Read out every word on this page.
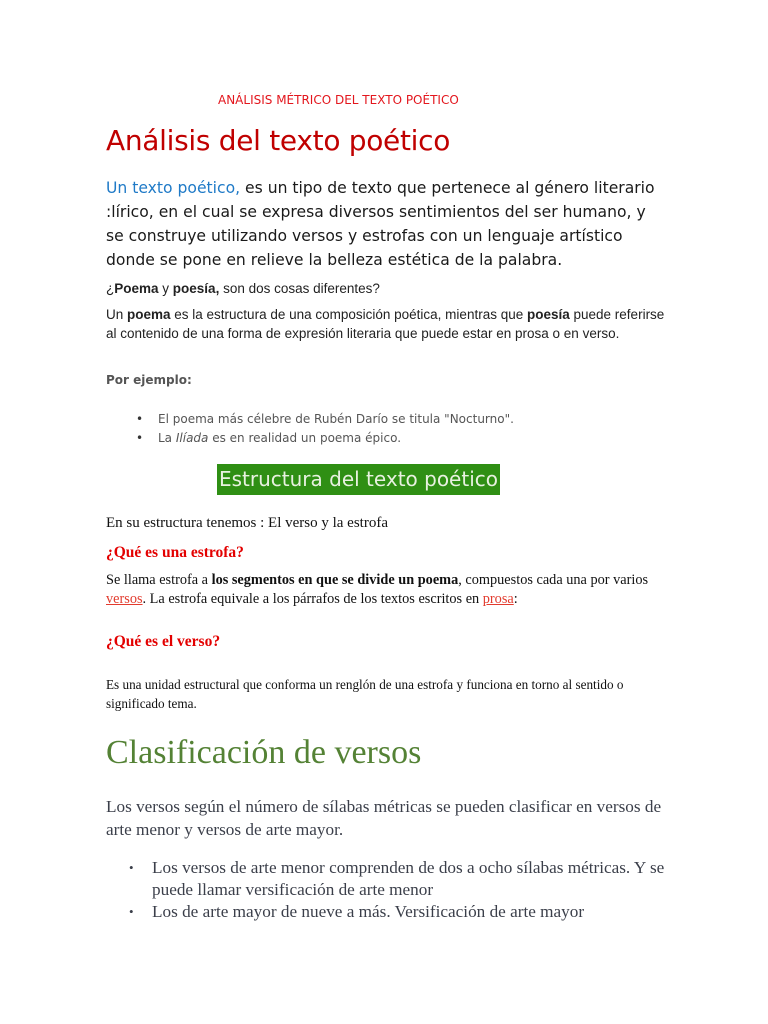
ANÁLISIS MÉTRICO DEL TEXTO POÉTICO
Análisis del texto poético
Un texto poético, es un tipo de texto que pertenece al género literario :lírico, en el cual se expresa diversos sentimientos del ser humano, y se construye utilizando versos y estrofas con un lenguaje artístico donde se pone en relieve la belleza estética de la palabra.
¿Poema y poesía, son dos cosas diferentes?
Un poema es la estructura de una composición poética, mientras que poesía puede referirse al contenido de una forma de expresión literaria que puede estar en prosa o en verso.
Por ejemplo:
• El poema más célebre de Rubén Darío se titula "Nocturno".
• La Ilíada es en realidad un poema épico.
Estructura del texto poético
En su estructura tenemos : El verso y la estrofa
¿Qué es una estrofa?
Se llama estrofa a los segmentos en que se divide un poema, compuestos cada una por varios versos. La estrofa equivale a los párrafos de los textos escritos en prosa:
¿Qué es el verso?
Es una unidad estructural que conforma un renglón de una estrofa y funciona en torno al sentido o significado tema.
Clasificación de versos
Los versos según el número de sílabas métricas se pueden clasificar en versos de arte menor y versos de arte mayor.
• Los versos de arte menor comprenden de dos a ocho sílabas métricas. Y se puede llamar versificación de arte menor
• Los de arte mayor de nueve a más. Versificación de arte mayor
